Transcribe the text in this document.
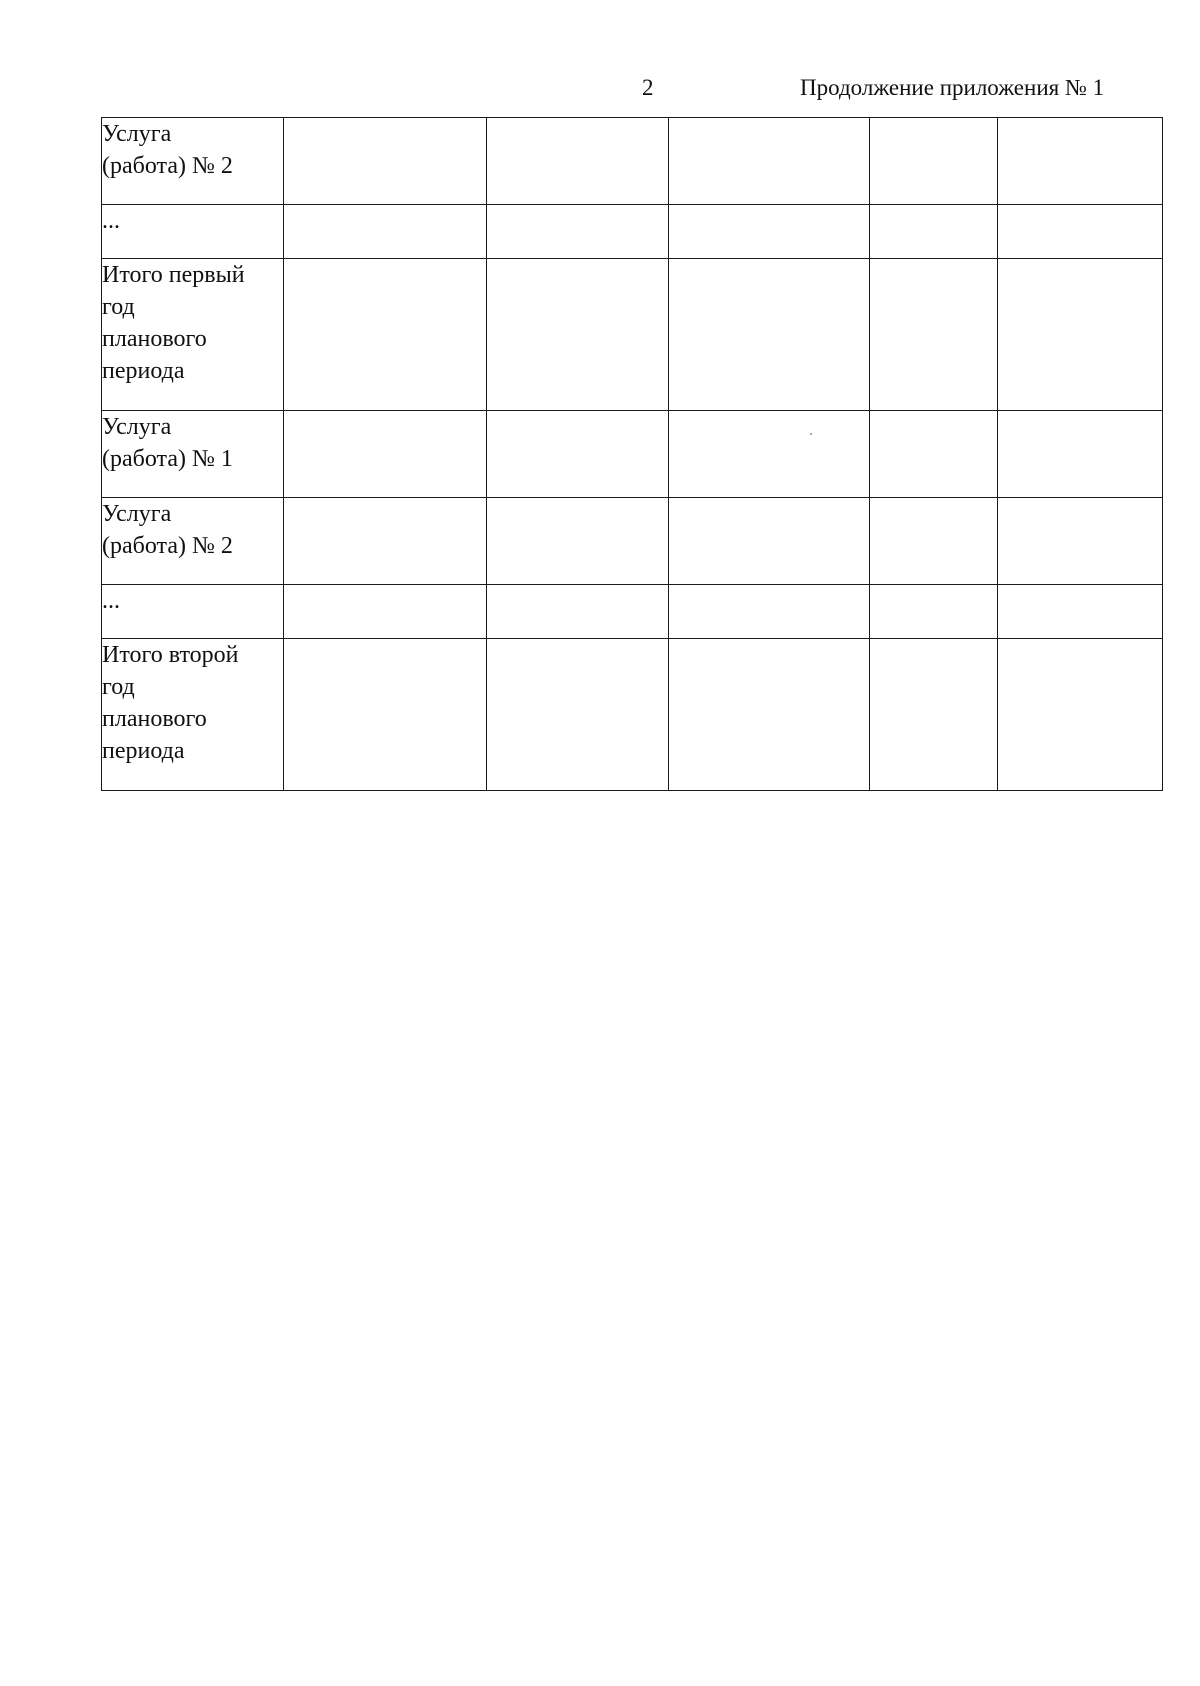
2	Продолжение приложения № 1
Услуга
(работа) № 2					

...					

Итого первый
год
планового
периода					

Услуга
(работа) № 1					

Услуга
(работа) № 2					

...					

Итого второй
год
планового
периода					
